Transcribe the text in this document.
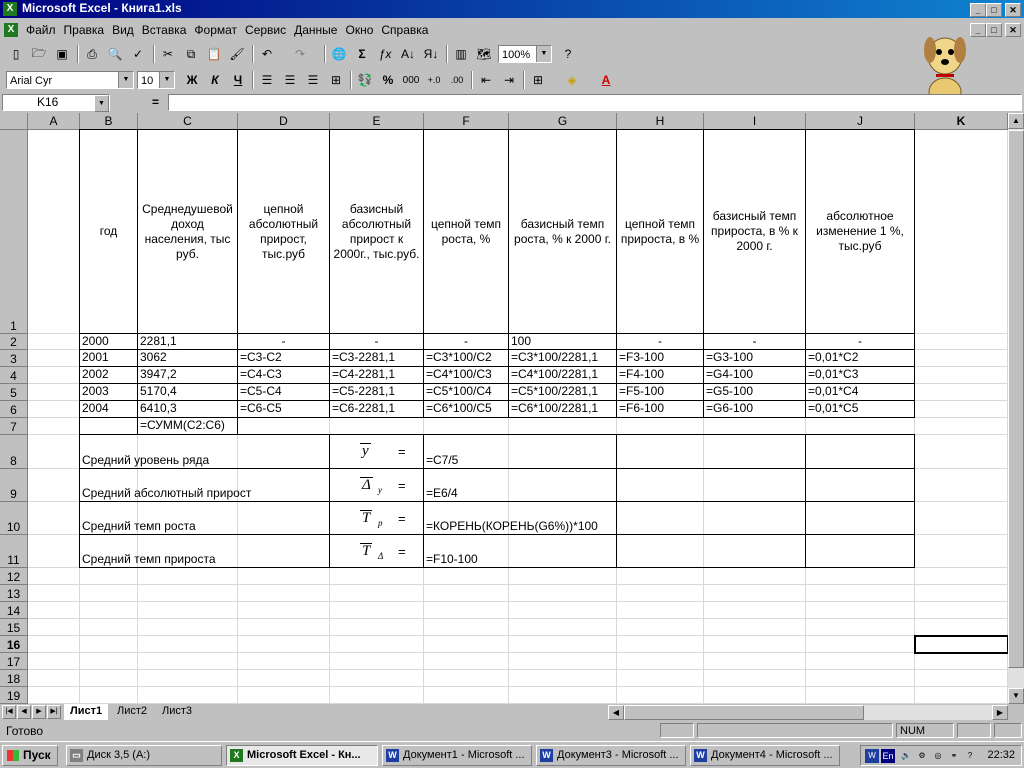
X Microsoft Excel - Книга1.xls	_	□	✕
X Файл Правка Вид Вставка Формат Сервис Данные Окно Справка	_	□	✕
▯	🗁 ▣	⎙ 🔍 ✓	✂	⧉ 📋 🖌	↶	↷	🌐 Σ	ƒx A↓ Я↓	▥ 🗺 100%	▼	?
Arial Cyr	▼	10	▼	Ж	К	Ч	☰	☰	☰	⊞	💱 % 000 +.0	.00	⇤	⇥	⊞	◈	A
K16	▼	=
A	B	C	D	E	F	G	H	I	J	K
1
2
3
4
5
6
7
8
9
10
11
12
13
14
15
16
17
18
19
год
Среднедушевой доход населения, тыс руб.
цепной абсолютный прирост, тыс.руб
базисный абсолютный прирост к 2000г., тыс.руб.
цепной темп роста, %
базисный темп роста, % к 2000 г.
цепной темп прироста, в %
базисный темп прироста, в % к 2000 г.
абсолютное изменение 1 %, тыс.руб
2000	2281,1	-	-	-	100	-	-	-
2001	3062	=C3-C2	=C3-2281,1	=C3*100/C2	=C3*100/2281,1	=F3-100	=G3-100	=0,01*C2
2002	3947,2	=C4-C3	=C4-2281,1	=C4*100/C3	=C4*100/2281,1	=F4-100	=G4-100	=0,01*C3
2003	5170,4	=C5-C4	=C5-2281,1	=C5*100/C4	=C5*100/2281,1	=F5-100	=G5-100	=0,01*C4
2004	6410,3	=C6-C5	=C6-2281,1	=C6*100/C5	=C6*100/2281,1	=F6-100	=G6-100	=0,01*C5
=СУММ(C2:C6)
Средний уровень ряда
y =
=C7/5
Средний абсолютный прирост	Δ y = =E6/4
Средний темп роста	T p = =КОРЕНЬ(КОРЕНЬ(G6%))*100
Средний темп прироста	T Δ = =F10-100
▲
▼
|◀	◀	▶	▶|	Лист1	Лист2	Лист3	◀	▶
Готово	NUM
Пуск	▭ Диск 3,5 (A:)	X Microsoft Excel - Кн...	W Документ1 - Microsoft ...	W Документ3 - Microsoft ...	W Документ4 - Microsoft ...	W En 🔊 ⚙	◎	⚭	?	22:32
